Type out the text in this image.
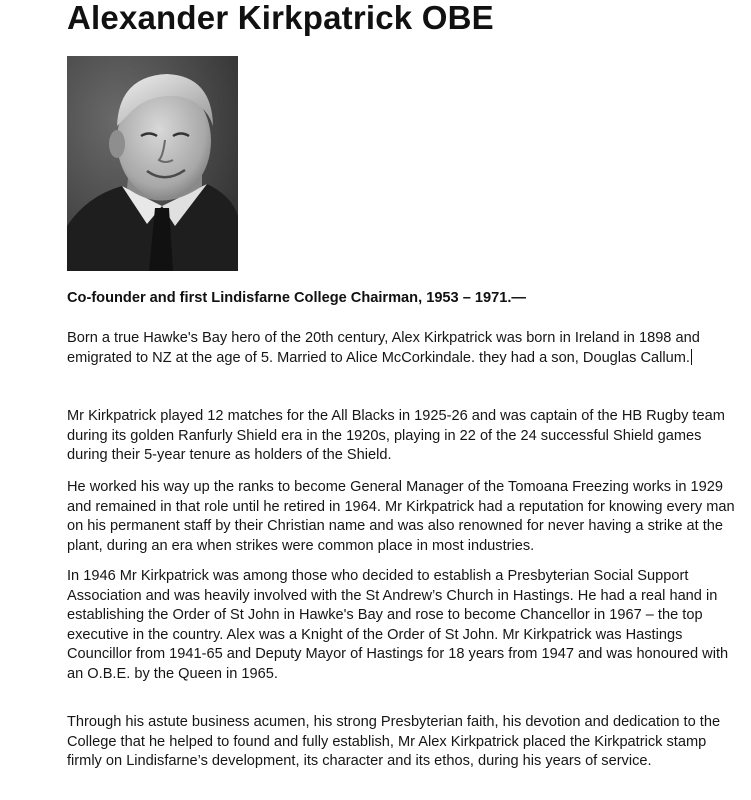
Alexander Kirkpatrick OBE

Co-founder and first Lindisfarne College Chairman, 1953 – 1971.—

Born a true Hawke's Bay hero of the 20th century, Alex Kirkpatrick was born in Ireland in 1898 and emigrated to NZ at the age of 5. Married to Alice McCorkindale. they had a son, Douglas Callum.

Mr Kirkpatrick played 12 matches for the All Blacks in 1925-26 and was captain of the HB Rugby team during its golden Ranfurly Shield era in the 1920s, playing in 22 of the 24 successful Shield games during their 5-year tenure as holders of the Shield.

He worked his way up the ranks to become General Manager of the Tomoana Freezing works in 1929 and remained in that role until he retired in 1964. Mr Kirkpatrick had a reputation for knowing every man on his permanent staff by their Christian name and was also renowned for never having a strike at the plant, during an era when strikes were common place in most industries.

In 1946 Mr Kirkpatrick was among those who decided to establish a Presbyterian Social Support Association and was heavily involved with the St Andrew’s Church in Hastings. He had a real hand in establishing the Order of St John in Hawke's Bay and rose to become Chancellor in 1967 – the top executive in the country. Alex was a Knight of the Order of St John. Mr Kirkpatrick was Hastings Councillor from 1941-65 and Deputy Mayor of Hastings for 18 years from 1947 and was honoured with an O.B.E. by the Queen in 1965.

Through his astute business acumen, his strong Presbyterian faith, his devotion and dedication to the College that he helped to found and fully establish, Mr Alex Kirkpatrick placed the Kirkpatrick stamp firmly on Lindisfarne’s development, its character and its ethos, during his years of service.
